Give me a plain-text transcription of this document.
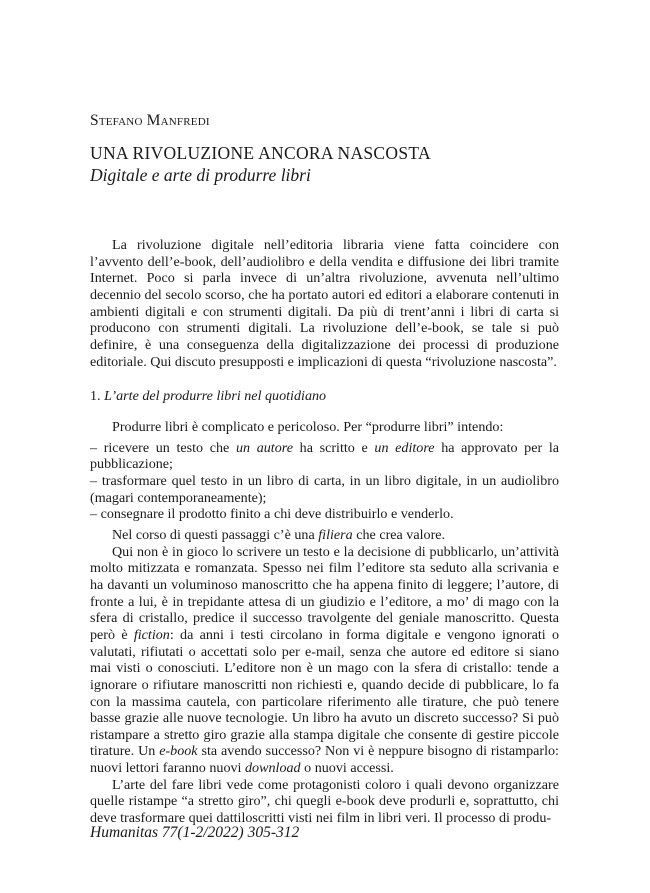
Stefano Manfredi
UNA RIVOLUZIONE ANCORA NASCOSTA
Digitale e arte di produrre libri

La rivoluzione digitale nell’editoria libraria viene fatta coincidere con l’avvento dell’e-book, dell’audiolibro e della vendita e diffusione dei libri tramite Internet. Poco si parla invece di un’altra rivoluzione, avvenuta nell’ultimo decennio del secolo scorso, che ha portato autori ed editori a elaborare contenuti in ambienti digitali e con strumenti digitali. Da più di trent’anni i libri di carta si producono con strumenti digitali. La rivoluzione dell’e-book, se tale si può definire, è una conseguenza della digitalizzazione dei processi di produzione editoriale. Qui discuto presupposti e implicazioni di questa “rivoluzione nascosta”.

1. L’arte del produrre libri nel quotidiano

Produrre libri è complicato e pericoloso. Per “produrre libri” intendo:

– ricevere un testo che un autore ha scritto e un editore ha approvato per la pubblicazione;

– trasformare quel testo in un libro di carta, in un libro digitale, in un audiolibro (magari contemporaneamente);

– consegnare il prodotto finito a chi deve distribuirlo e venderlo.

Nel corso di questi passaggi c’è una filiera che crea valore.

Qui non è in gioco lo scrivere un testo e la decisione di pubblicarlo, un’attività molto mitizzata e romanzata. Spesso nei film l’editore sta seduto alla scrivania e ha davanti un voluminoso manoscritto che ha appena finito di leggere; l’autore, di fronte a lui, è in trepidante attesa di un giudizio e l’editore, a mo’ di mago con la sfera di cristallo, predice il successo travolgente del geniale manoscritto. Questa però è fiction: da anni i testi circolano in forma digitale e vengono ignorati o valutati, rifiutati o accettati solo per e-mail, senza che autore ed editore si siano mai visti o conosciuti. L’editore non è un mago con la sfera di cristallo: tende a ignorare o rifiutare manoscritti non richiesti e, quando decide di pubblicare, lo fa con la massima cautela, con particolare riferimento alle tirature, che può tenere basse grazie alle nuove tecnologie. Un libro ha avuto un discreto successo? Si può ristampare a stretto giro grazie alla stampa digitale che consente di gestire piccole tirature. Un e-book sta avendo successo? Non vi è neppure bisogno di ristamparlo: nuovi lettori faranno nuovi download o nuovi accessi.

L’arte del fare libri vede come protagonisti coloro i quali devono organizzare quelle ristampe “a stretto giro”, chi quegli e-book deve produrli e, soprattutto, chi deve trasformare quei dattiloscritti visti nei film in libri veri. Il processo di produ-

Humanitas 77(1-2/2022) 305-312
